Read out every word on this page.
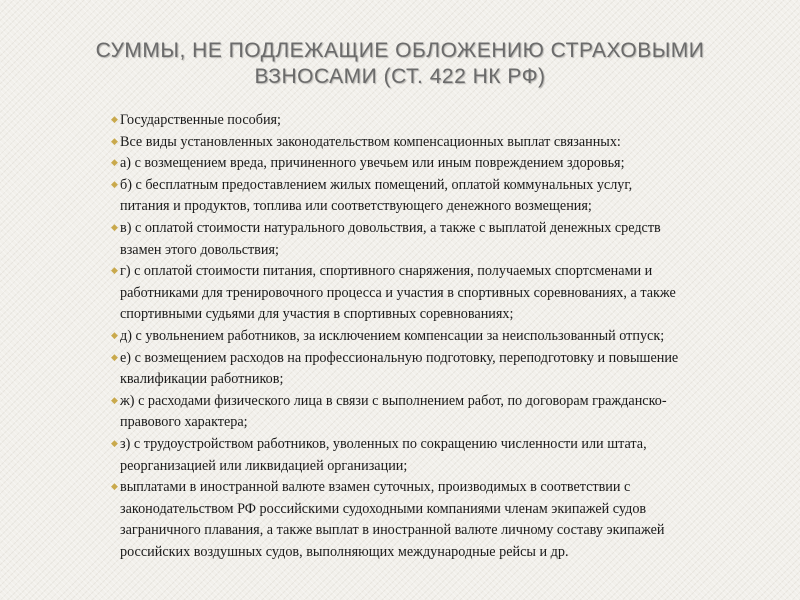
СУММЫ, НЕ ПОДЛЕЖАЩИЕ ОБЛОЖЕНИЮ СТРАХОВЫМИ
ВЗНОСАМИ (СТ. 422 НК РФ)
◆ Государственные пособия;
◆ Все виды установленных законодательством компенсационных выплат связанных:
◆ а) с возмещением вреда, причиненного увечьем или иным повреждением здоровья;
◆ б) с бесплатным предоставлением жилых помещений, оплатой коммунальных услуг,
питания и продуктов, топлива или соответствующего денежного возмещения;
◆ в) с оплатой стоимости натурального довольствия, а также с выплатой денежных средств
взамен этого довольствия;
◆ г) с оплатой стоимости питания, спортивного снаряжения, получаемых спортсменами и
работниками для тренировочного процесса и участия в спортивных соревнованиях, а также
спортивными судьями для участия в спортивных соревнованиях;
◆ д) с увольнением работников, за исключением компенсации за неиспользованный отпуск;
◆ е) с возмещением расходов на профессиональную подготовку, переподготовку и повышение
квалификации работников;
◆ ж) с расходами физического лица в связи с выполнением работ, по договорам гражданско-
правового характера;
◆ з) с трудоустройством работников, уволенных по сокращению численности или штата,
реорганизацией или ликвидацией организации;
◆ выплатами в иностранной валюте взамен суточных, производимых в соответствии с
законодательством РФ российскими судоходными компаниями членам экипажей судов
заграничного плавания, а также выплат в иностранной валюте личному составу экипажей
российских воздушных судов, выполняющих международные рейсы и др.
